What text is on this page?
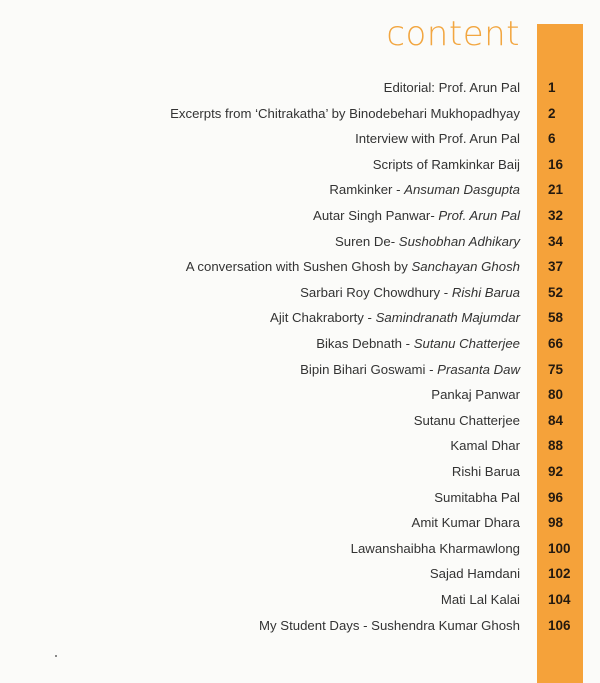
content
Editorial: Prof. Arun Pal 1
Excerpts from ‘Chitrakatha’ by Binodebehari Mukhopadhyay 2
Interview with Prof. Arun Pal 6
Scripts of Ramkinkar Baij 16
Ramkinker - Ansuman Dasgupta 21
Autar Singh Panwar- Prof. Arun Pal 32
Suren De- Sushobhan Adhikary 34
A conversation with Sushen Ghosh by Sanchayan Ghosh 37
Sarbari Roy Chowdhury - Rishi Barua 52
Ajit Chakraborty - Samindranath Majumdar 58
Bikas Debnath - Sutanu Chatterjee 66
Bipin Bihari Goswami - Prasanta Daw 75
Pankaj Panwar 80
Sutanu Chatterjee 84
Kamal Dhar 88
Rishi Barua 92
Sumitabha Pal 96
Amit Kumar Dhara 98
Lawanshaibha Kharmawlong 100
Sajad Hamdani 102
Mati Lal Kalai 104
My Student Days - Sushendra Kumar Ghosh 106
